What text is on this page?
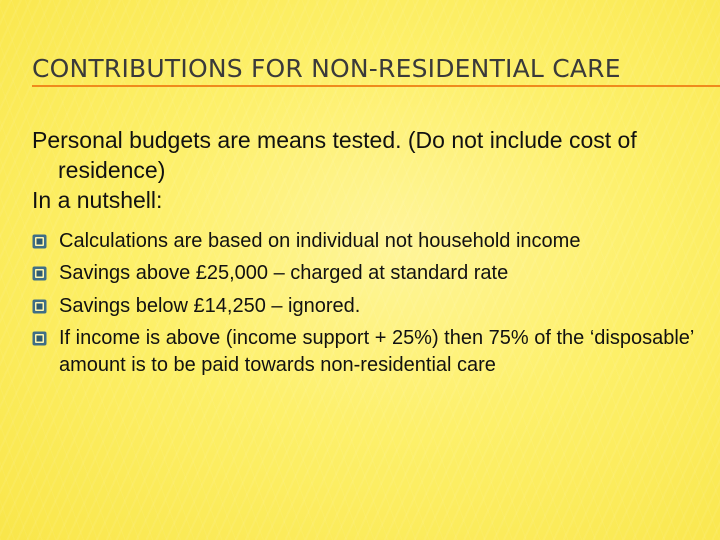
CONTRIBUTIONS FOR NON-RESIDENTIAL CARE

Personal budgets are means tested. (Do not include cost of residence)

In a nutshell:

Calculations are based on individual not household income
Savings above £25,000 – charged at standard rate
Savings below £14,250 – ignored.
If income is above (income support + 25%) then 75% of the ‘disposable’ amount is to be paid towards non-residential care
